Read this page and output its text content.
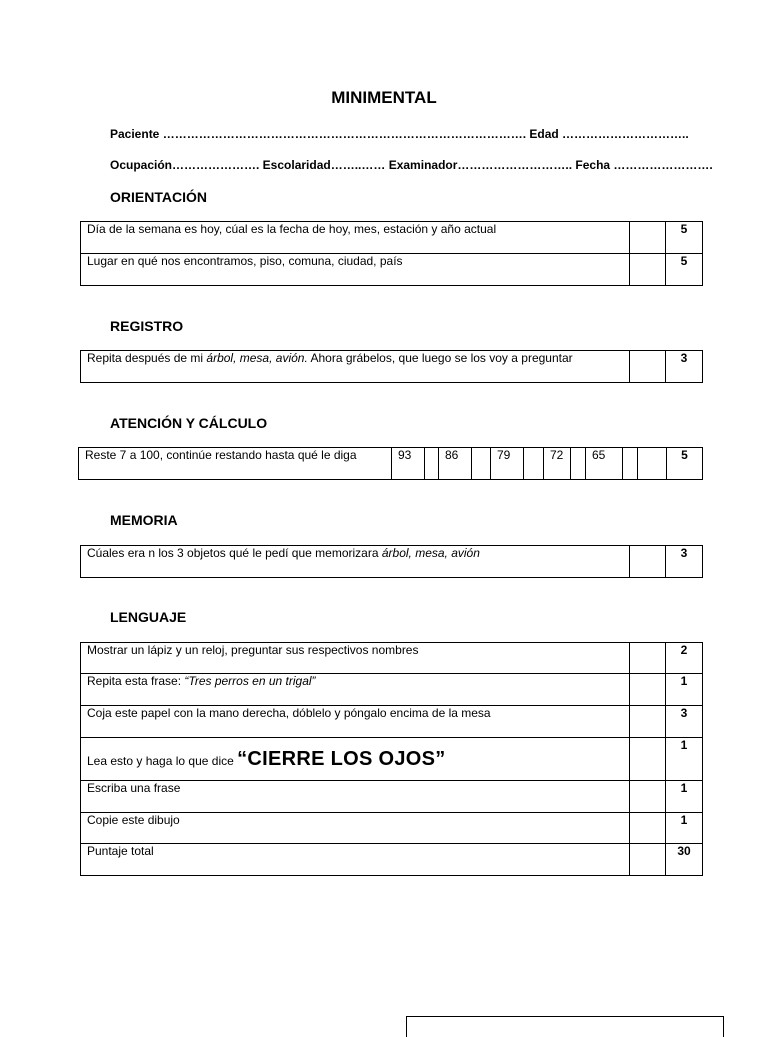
MINIMENTAL
Paciente ………………………………………………………………………………. Edad …………………………..
Ocupación…………………. Escolaridad……..…… Examinador……………………….. Fecha …………………….
ORIENTACIÓN
Día de la semana es hoy, cúal es la fecha de hoy, mes, estación y año actual		5
Lugar en qué nos encontramos, piso, comuna, ciudad, país		5
REGISTRO
Repita después de mi árbol, mesa, avión. Ahora grábelos, que luego se los voy a preguntar		3
ATENCIÓN Y CÁLCULO
Reste 7 a 100, continúe restando hasta qué le diga	93		86		79		72		65			5
MEMORIA
Cúales era n los 3 objetos qué le pedí que memorizara árbol, mesa, avión		3
LENGUAJE
Mostrar un lápiz y un reloj, preguntar sus respectivos nombres		2
Repita esta frase: “Tres perros en un trigal”		1
Coja este papel con la mano derecha, dóblelo y póngalo encima de la mesa		3
Lea esto y haga lo que dice “CIERRE LOS OJOS”		1
Escriba una frase		1
Copie este dibujo		1
Puntaje total		30
